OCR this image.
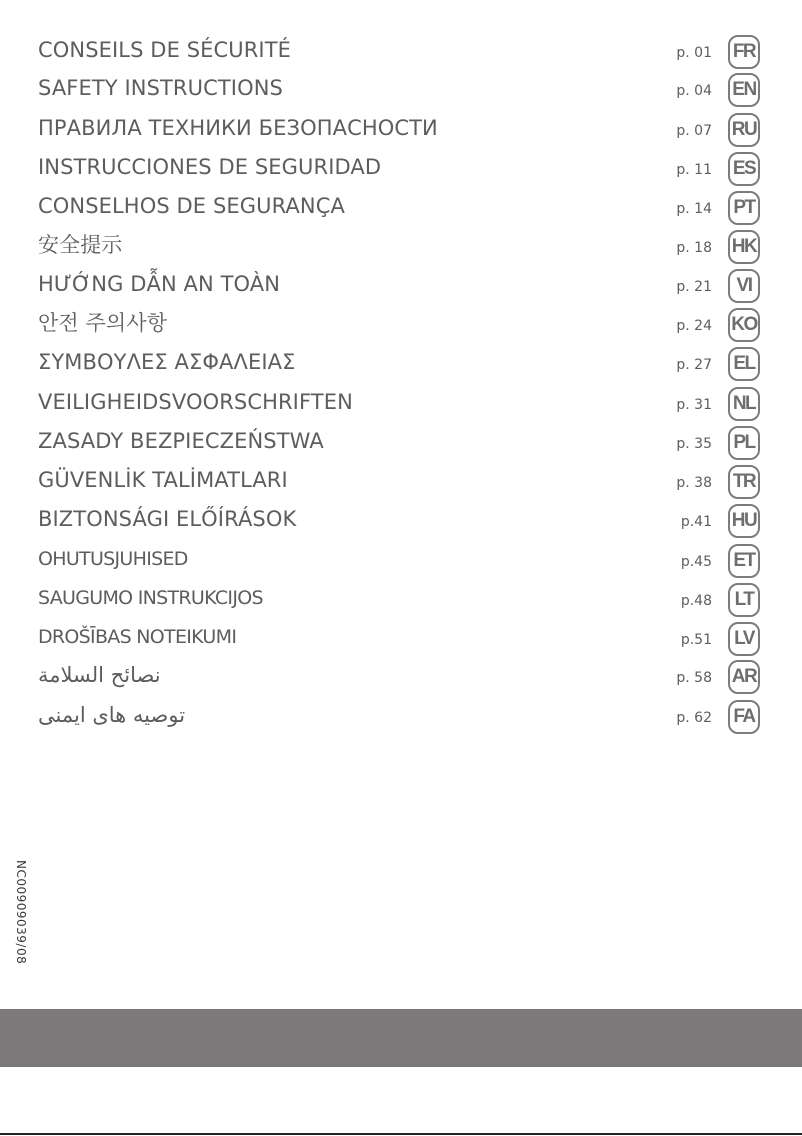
CONSEILS DE SÉCURITÉ	p. 01 FR
SAFETY INSTRUCTIONS	p. 04 EN
ПРАВИЛА ТЕХНИКИ БЕЗОПАСНОСТИ	p. 07 RU
INSTRUCCIONES DE SEGURIDAD	p. 11 ES
CONSELHOS DE SEGURANÇA	p. 14 PT
安全提示	p. 18 HK
HƯỚNG DẪN AN TOÀN	p. 21	VI
안전 주의사항	p. 24 KO
ΣΥΜΒΟΥΛΕΣ ΑΣΦΑΛΕΙΑΣ	p. 27 EL
VEILIGHEIDSVOORSCHRIFTEN	p. 31 NL
ZASADY BEZPIECZEŃSTWA	p. 35 PL
GÜVENLİK TALİMATLARI	p. 38 TR
BIZTONSÁGI ELŐÍRÁSOK	p.41 HU
OHUTUSJUHISED	p.45 ET
SAUGUMO INSTRUKCIJOS	p.48	LT
DROŠĪBAS NOTEIKUMI	p.51	LV
نصائح السلامة	p. 58 AR
توصیه های ایمنی	p. 62 FA
NC00909039/08
